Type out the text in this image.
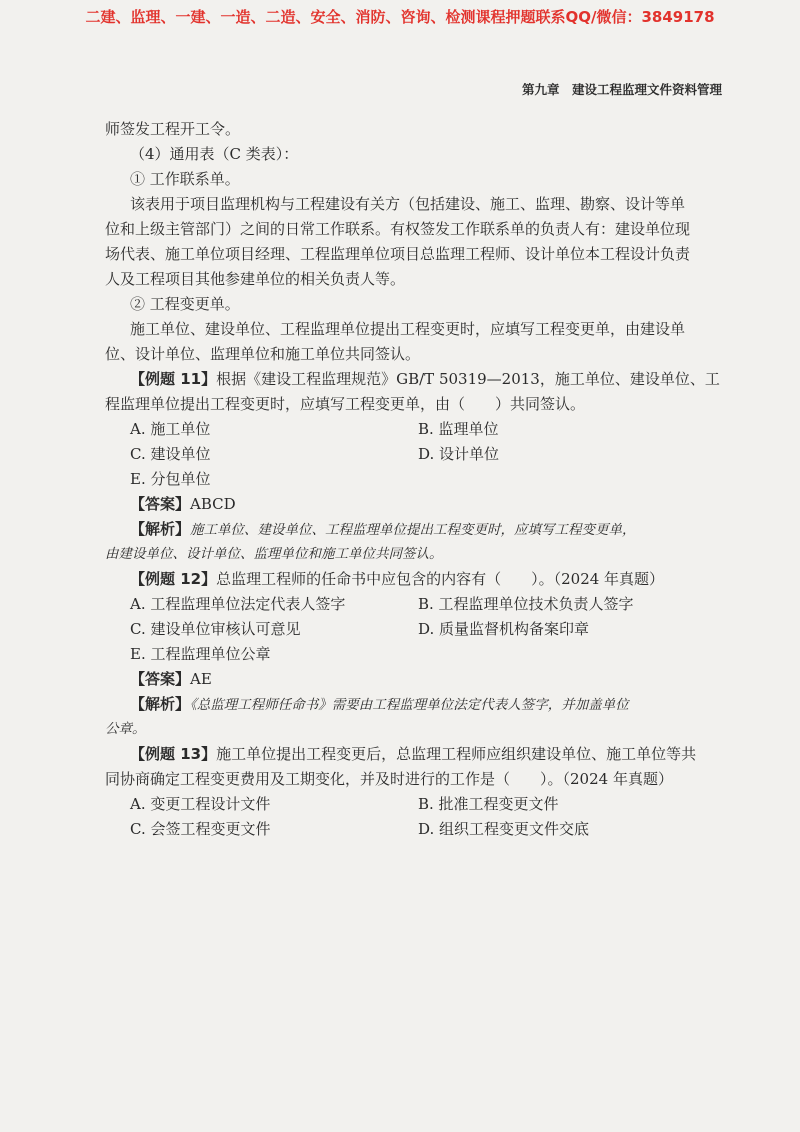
二建、监理、一建、一造、二造、安全、消防、咨询、检测课程押题联系QQ/微信：3849178
第九章　建设工程监理文件资料管理
师签发工程开工令。
（4）通用表（C 类表）：
① 工作联系单。
该表用于项目监理机构与工程建设有关方（包括建设、施工、监理、勘察、设计等单
位和上级主管部门）之间的日常工作联系。有权签发工作联系单的负责人有：建设单位现
场代表、施工单位项目经理、工程监理单位项目总监理工程师、设计单位本工程设计负责
人及工程项目其他参建单位的相关负责人等。
② 工程变更单。
施工单位、建设单位、工程监理单位提出工程变更时，应填写工程变更单，由建设单
位、设计单位、监理单位和施工单位共同签认。
【例题 11】根据《建设工程监理规范》GB/T 50319—2013，施工单位、建设单位、工
程监理单位提出工程变更时，应填写工程变更单，由（　　）共同签认。
A. 施工单位	B. 监理单位
C. 建设单位	D. 设计单位
E. 分包单位
【答案】ABCD
【解析】施工单位、建设单位、工程监理单位提出工程变更时，应填写工程变更单，
由建设单位、设计单位、监理单位和施工单位共同签认。
【例题 12】总监理工程师的任命书中应包含的内容有（　　）。（2024 年真题）
A. 工程监理单位法定代表人签字	B. 工程监理单位技术负责人签字
C. 建设单位审核认可意见	D. 质量监督机构备案印章
E. 工程监理单位公章
【答案】AE
【解析】《总监理工程师任命书》需要由工程监理单位法定代表人签字，并加盖单位
公章。
【例题 13】施工单位提出工程变更后，总监理工程师应组织建设单位、施工单位等共
同协商确定工程变更费用及工期变化，并及时进行的工作是（　　）。（2024 年真题）
A. 变更工程设计文件	B. 批准工程变更文件
C. 会签工程变更文件	D. 组织工程变更文件交底
